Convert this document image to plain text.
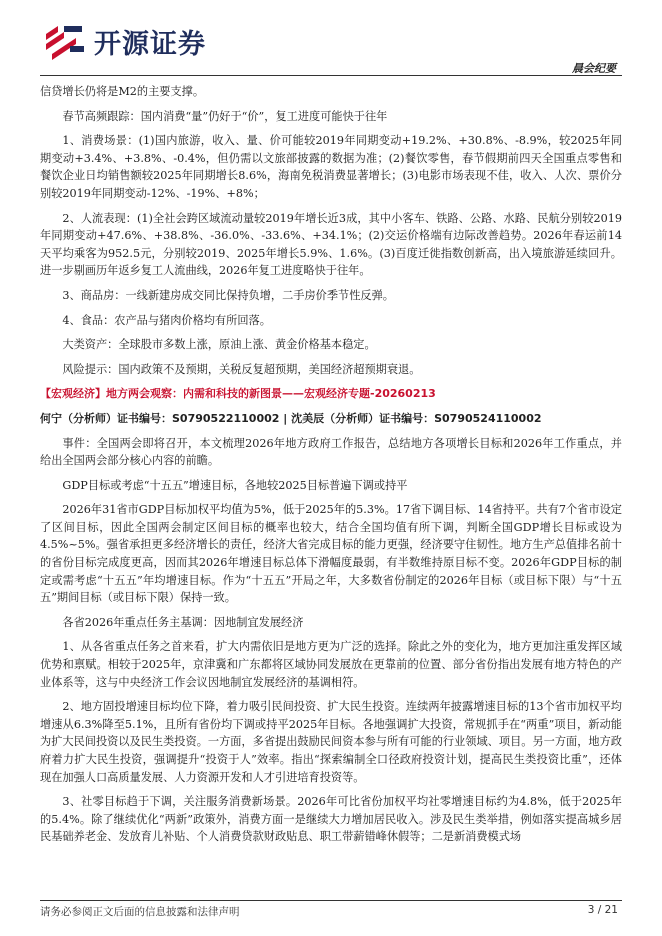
开源证券
晨会纪要

信贷增长仍将是M2的主要支撑。

春节高频跟踪：国内消费“量”仍好于“价”，复工进度可能快于往年

1、消费场景：(1)国内旅游，收入、量、价可能较2019年同期变动+19.2%、+30.8%、-8.9%，较2025年同期变动+3.4%、+3.8%、-0.4%，但仍需以文旅部披露的数据为准；(2)餐饮零售，春节假期前四天全国重点零售和餐饮企业日均销售额较2025年同期增长8.6%，海南免税消费显著增长；(3)电影市场表现不佳，收入、人次、票价分别较2019年同期变动-12%、-19%、+8%；

2、人流表现：(1)全社会跨区域流动量较2019年增长近3成，其中小客车、铁路、公路、水路、民航分别较2019年同期变动+47.6%、+38.8%、-36.0%、-33.6%、+34.1%；(2)交运价格端有边际改善趋势。2026年春运前14天平均乘客为952.5元，分别较2019、2025年增长5.9%、1.6%。(3)百度迁徙指数创新高，出入境旅游延续回升。进一步剔画历年返乡复工人流曲线，2026年复工进度略快于往年。

3、商品房：一线新建房成交同比保持负增，二手房价季节性反弹。

4、食品：农产品与猪肉价格均有所回落。

大类资产：全球股市多数上涨，原油上涨、黄金价格基本稳定。

风险提示：国内政策不及预期，关税反复超预期，美国经济超预期衰退。

【宏观经济】地方两会观察：内需和科技的新图景——宏观经济专题-20260213

何宁（分析师）证书编号：S0790522110002 | 沈美辰（分析师）证书编号：S0790524110002

事件：全国两会即将召开，本文梳理2026年地方政府工作报告，总结地方各项增长目标和2026年工作重点，并给出全国两会部分核心内容的前瞻。

GDP目标或考虑“十五五”增速目标，各地较2025目标普遍下调或持平

2026年31省市GDP目标加权平均值为5%，低于2025年的5.3%。17省下调目标、14省持平。共有7个省市设定了区间目标，因此全国两会制定区间目标的概率也较大，结合全国均值有所下调，判断全国GDP增长目标或设为4.5%~5%。强省承担更多经济增长的责任，经济大省完成目标的能力更强，经济要守住韧性。地方生产总值排名前十的省份目标完成度更高，因而其2026年增速目标总体下滑幅度最弱，有半数维持原目标不变。2026年GDP目标的制定或需考虑“十五五”年均增速目标。作为“十五五”开局之年，大多数省份制定的2026年目标（或目标下限）与“十五五”期间目标（或目标下限）保持一致。

各省2026年重点任务主基调：因地制宜发展经济

1、从各省重点任务之首来看，扩大内需依旧是地方更为广泛的选择。除此之外的变化为，地方更加注重发挥区域优势和禀赋。相较于2025年，京津冀和广东都将区域协同发展放在更靠前的位置、部分省份指出发展有地方特色的产业体系等，这与中央经济工作会议因地制宜发展经济的基调相符。

2、地方固投增速目标均位下降，着力吸引民间投资、扩大民生投资。连续两年披露增速目标的13个省市加权平均增速从6.3%降至5.1%，且所有省份均下调或持平2025年目标。各地强调扩大投资，常规抓手在“两重”项目，新动能为扩大民间投资以及民生类投资。一方面，多省提出鼓励民间资本参与所有可能的行业领域、项目。另一方面，地方政府着力扩大民生投资，强调提升“投资于人”效率。指出“探索编制全口径政府投资计划，提高民生类投资比重”，还体现在加强人口高质量发展、人力资源开发和人才引进培育投资等。

3、社零目标趋于下调，关注服务消费新场景。2026年可比省份加权平均社零增速目标约为4.8%，低于2025年的5.4%。除了继续优化“两新”政策外，消费方面一是继续大力增加居民收入。涉及民生类举措，例如落实提高城乡居民基础养老金、发放育儿补贴、个人消费贷款财政贴息、职工带薪错峰休假等；二是新消费模式场

请务必参阅正文后面的信息披露和法律声明	3 / 21
